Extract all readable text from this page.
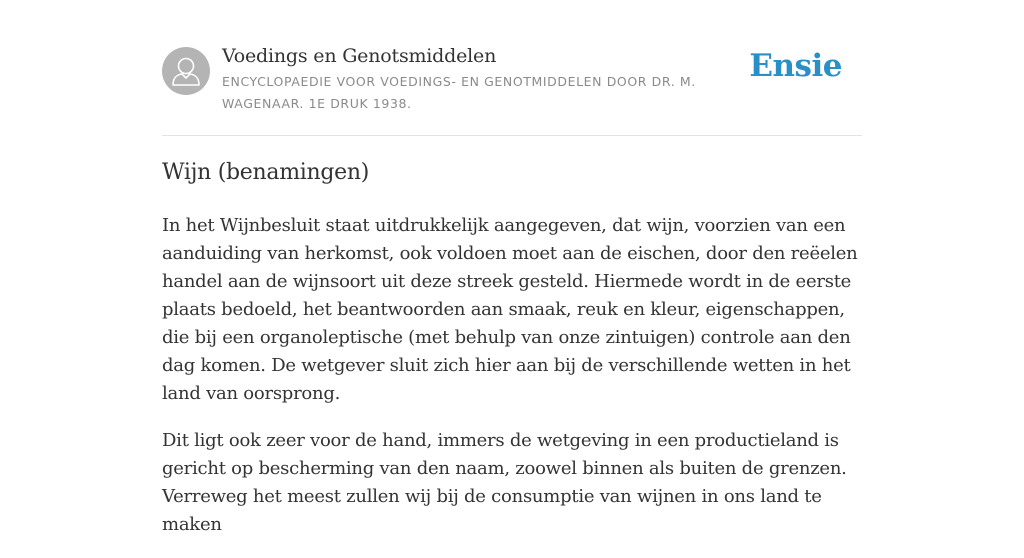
Voedings en Genotsmiddelen
ENCYCLOPAEDIE VOOR VOEDINGS- EN GENOTMIDDELEN DOOR DR. M. WAGENAAR. 1E DRUK 1938.
Ensie
Wijn (benamingen)

In het Wijnbesluit staat uitdrukkelijk aangegeven, dat wijn, voorzien van een aanduiding van herkomst, ook voldoen moet aan de eischen, door den reëelen handel aan de wijnsoort uit deze streek gesteld. Hiermede wordt in de eerste plaats bedoeld, het beantwoorden aan smaak, reuk en kleur, eigenschappen, die bij een organoleptische (met behulp van onze zintuigen) controle aan den dag komen. De wetgever sluit zich hier aan bij de verschillende wetten in het land van oorsprong.

Dit ligt ook zeer voor de hand, immers de wetgeving in een productieland is gericht op bescherming van den naam, zoowel binnen als buiten de grenzen. Verreweg het meest zullen wij bij de consumptie van wijnen in ons land te maken
